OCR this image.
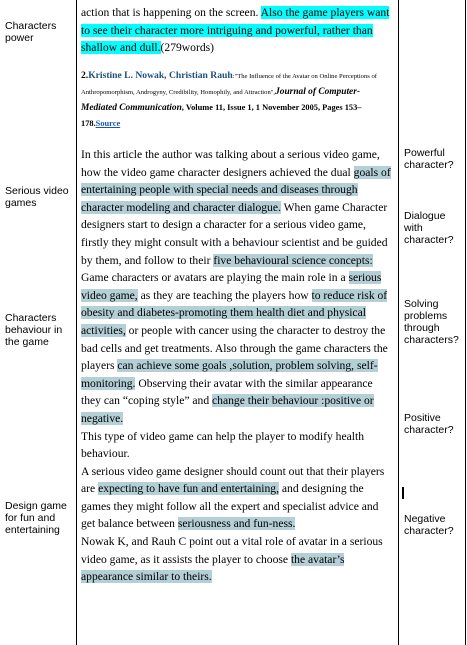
Characters power
Serious video games
Characters behaviour in the game
Design game for fun and entertaining
Powerful character?
Dialogue with character?
Solving problems through characters?
Positive character?
Negative character?
action that is happening on the screen. Also the game players want to see their character more intriguing and powerful, rather than shallow and dull.(279words)
2.Kristine L. Nowak, Christian Rauh:"The Influence of the Avatar on Online Perceptions of Anthropomorphism, Androgyny, Credibility, Homophily, and Attraction",Journal of Computer-Mediated Communication, Volume 11, Issue 1, 1 November 2005, Pages 153–178.Source
In this article the author was talking about a serious video game, how the video game character designers achieved the dual goals of entertaining people with special needs and diseases through character modeling and character dialogue. When game Character designers start to design a character for a serious video game, firstly they might consult with a behaviour scientist and be guided by them, and follow to their five behavioural science concepts:
Game characters or avatars are playing the main role in a serious video game, as they are teaching the players how to reduce risk of obesity and diabetes-promoting them health diet and physical activities, or people with cancer using the character to destroy the bad cells and get treatments. Also through the game characters the players can achieve some goals ,solution, problem solving, self-monitoring. Observing their avatar with the similar appearance they can “coping style” and change their behaviour :positive or negative.
This type of video game can help the player to modify health behaviour.
A serious video game designer should count out that their players are expecting to have fun and entertaining, and designing the games they might follow all the expert and specialist advice and get balance between seriousness and fun-ness.
Nowak K, and Rauh C point out a vital role of avatar in a serious video game, as it assists the player to choose the avatar’s appearance similar to theirs.
